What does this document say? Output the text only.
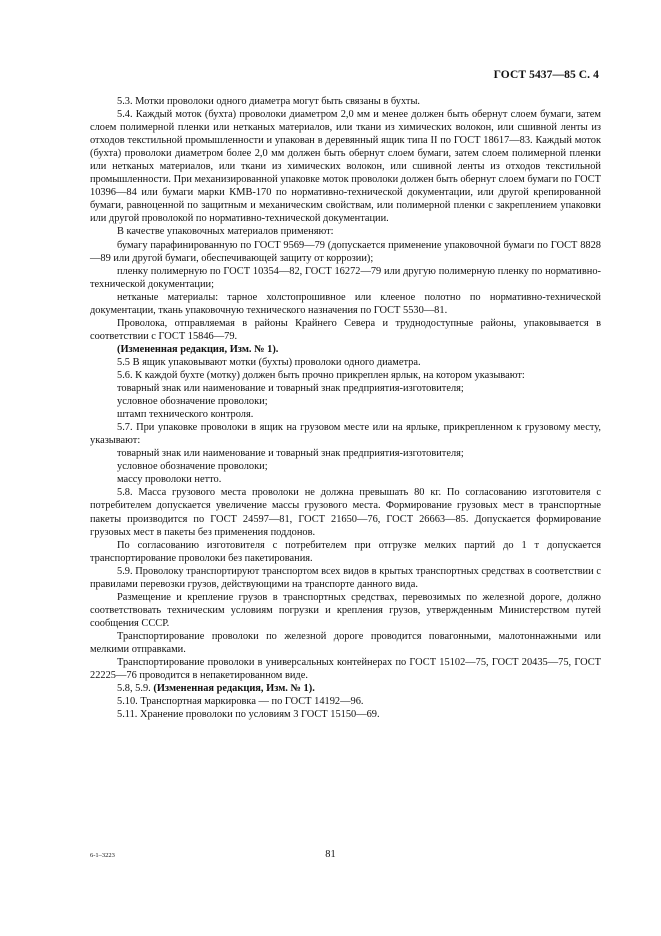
ГОСТ 5437—85 С. 4

5.3. Мотки проволоки одного диаметра могут быть связаны в бухты.

5.4. Каждый моток (бухта) проволоки диаметром 2,0 мм и менее должен быть обернут слоем бумаги, затем слоем полимерной пленки или нетканых материалов, или ткани из химических волокон, или сшивной ленты из отходов текстильной промышленности и упакован в деревянный ящик типа II по ГОСТ 18617—83. Каждый моток (бухта) проволоки диаметром более 2,0 мм должен быть обернут слоем бумаги, затем слоем полимерной пленки или нетканых материалов, или ткани из химических волокон, или сшивной ленты из отходов текстильной промышленности. При механизированной упаковке моток проволоки должен быть обернут слоем бумаги по ГОСТ 10396—84 или бумаги марки КМВ-170 по нормативно-технической документации, или другой крепированной бумаги, равноценной по защитным и механическим свойствам, или полимерной пленки с закреплением упаковки или другой проволокой по нормативно-технической документации.

В качестве упаковочных материалов применяют:

бумагу парафинированную по ГОСТ 9569—79 (допускается применение упаковочной бумаги по ГОСТ 8828—89 или другой бумаги, обеспечивающей защиту от коррозии);

пленку полимерную по ГОСТ 10354—82, ГОСТ 16272—79 или другую полимерную пленку по нормативно-технической документации;

нетканые материалы: тарное холстопрошивное или клееное полотно по нормативно-технической документации, ткань упаковочную технического назначения по ГОСТ 5530—81.

Проволока, отправляемая в районы Крайнего Севера и труднодоступные районы, упаковывается в соответствии с ГОСТ 15846—79.

(Измененная редакция, Изм. № 1).

5.5 В ящик упаковывают мотки (бухты) проволоки одного диаметра.

5.6. К каждой бухте (мотку) должен быть прочно прикреплен ярлык, на котором указывают:

товарный знак или наименование и товарный знак предприятия-изготовителя;

условное обозначение проволоки;

штамп технического контроля.

5.7. При упаковке проволоки в ящик на грузовом месте или на ярлыке, прикрепленном к грузовому месту, указывают:

товарный знак или наименование и товарный знак предприятия-изготовителя;

условное обозначение проволоки;

массу проволоки нетто.

5.8. Масса грузового места проволоки не должна превышать 80 кг. По согласованию изготовителя с потребителем допускается увеличение массы грузового места. Формирование грузовых мест в транспортные пакеты производится по ГОСТ 24597—81, ГОСТ 21650—76, ГОСТ 26663—85. Допускается формирование грузовых мест в пакеты без применения поддонов.

По согласованию изготовителя с потребителем при отгрузке мелких партий до 1 т допускается транспортирование проволоки без пакетирования.

5.9. Проволоку транспортируют транспортом всех видов в крытых транспортных средствах в соответствии с правилами перевозки грузов, действующими на транспорте данного вида.

Размещение и крепление грузов в транспортных средствах, перевозимых по железной дороге, должно соответствовать техническим условиям погрузки и крепления грузов, утвержденным Министерством путей сообщения СССР.

Транспортирование проволоки по железной дороге проводится повагонными, малотоннажными или мелкими отправками.

Транспортирование проволоки в универсальных контейнерах по ГОСТ 15102—75, ГОСТ 20435—75, ГОСТ 22225—76 проводится в непакетированном виде.

5.8, 5.9. (Измененная редакция, Изм. № 1).

5.10. Транспортная маркировка — по ГОСТ 14192—96.

5.11. Хранение проволоки по условиям 3 ГОСТ 15150—69.

6-1–3223	81
